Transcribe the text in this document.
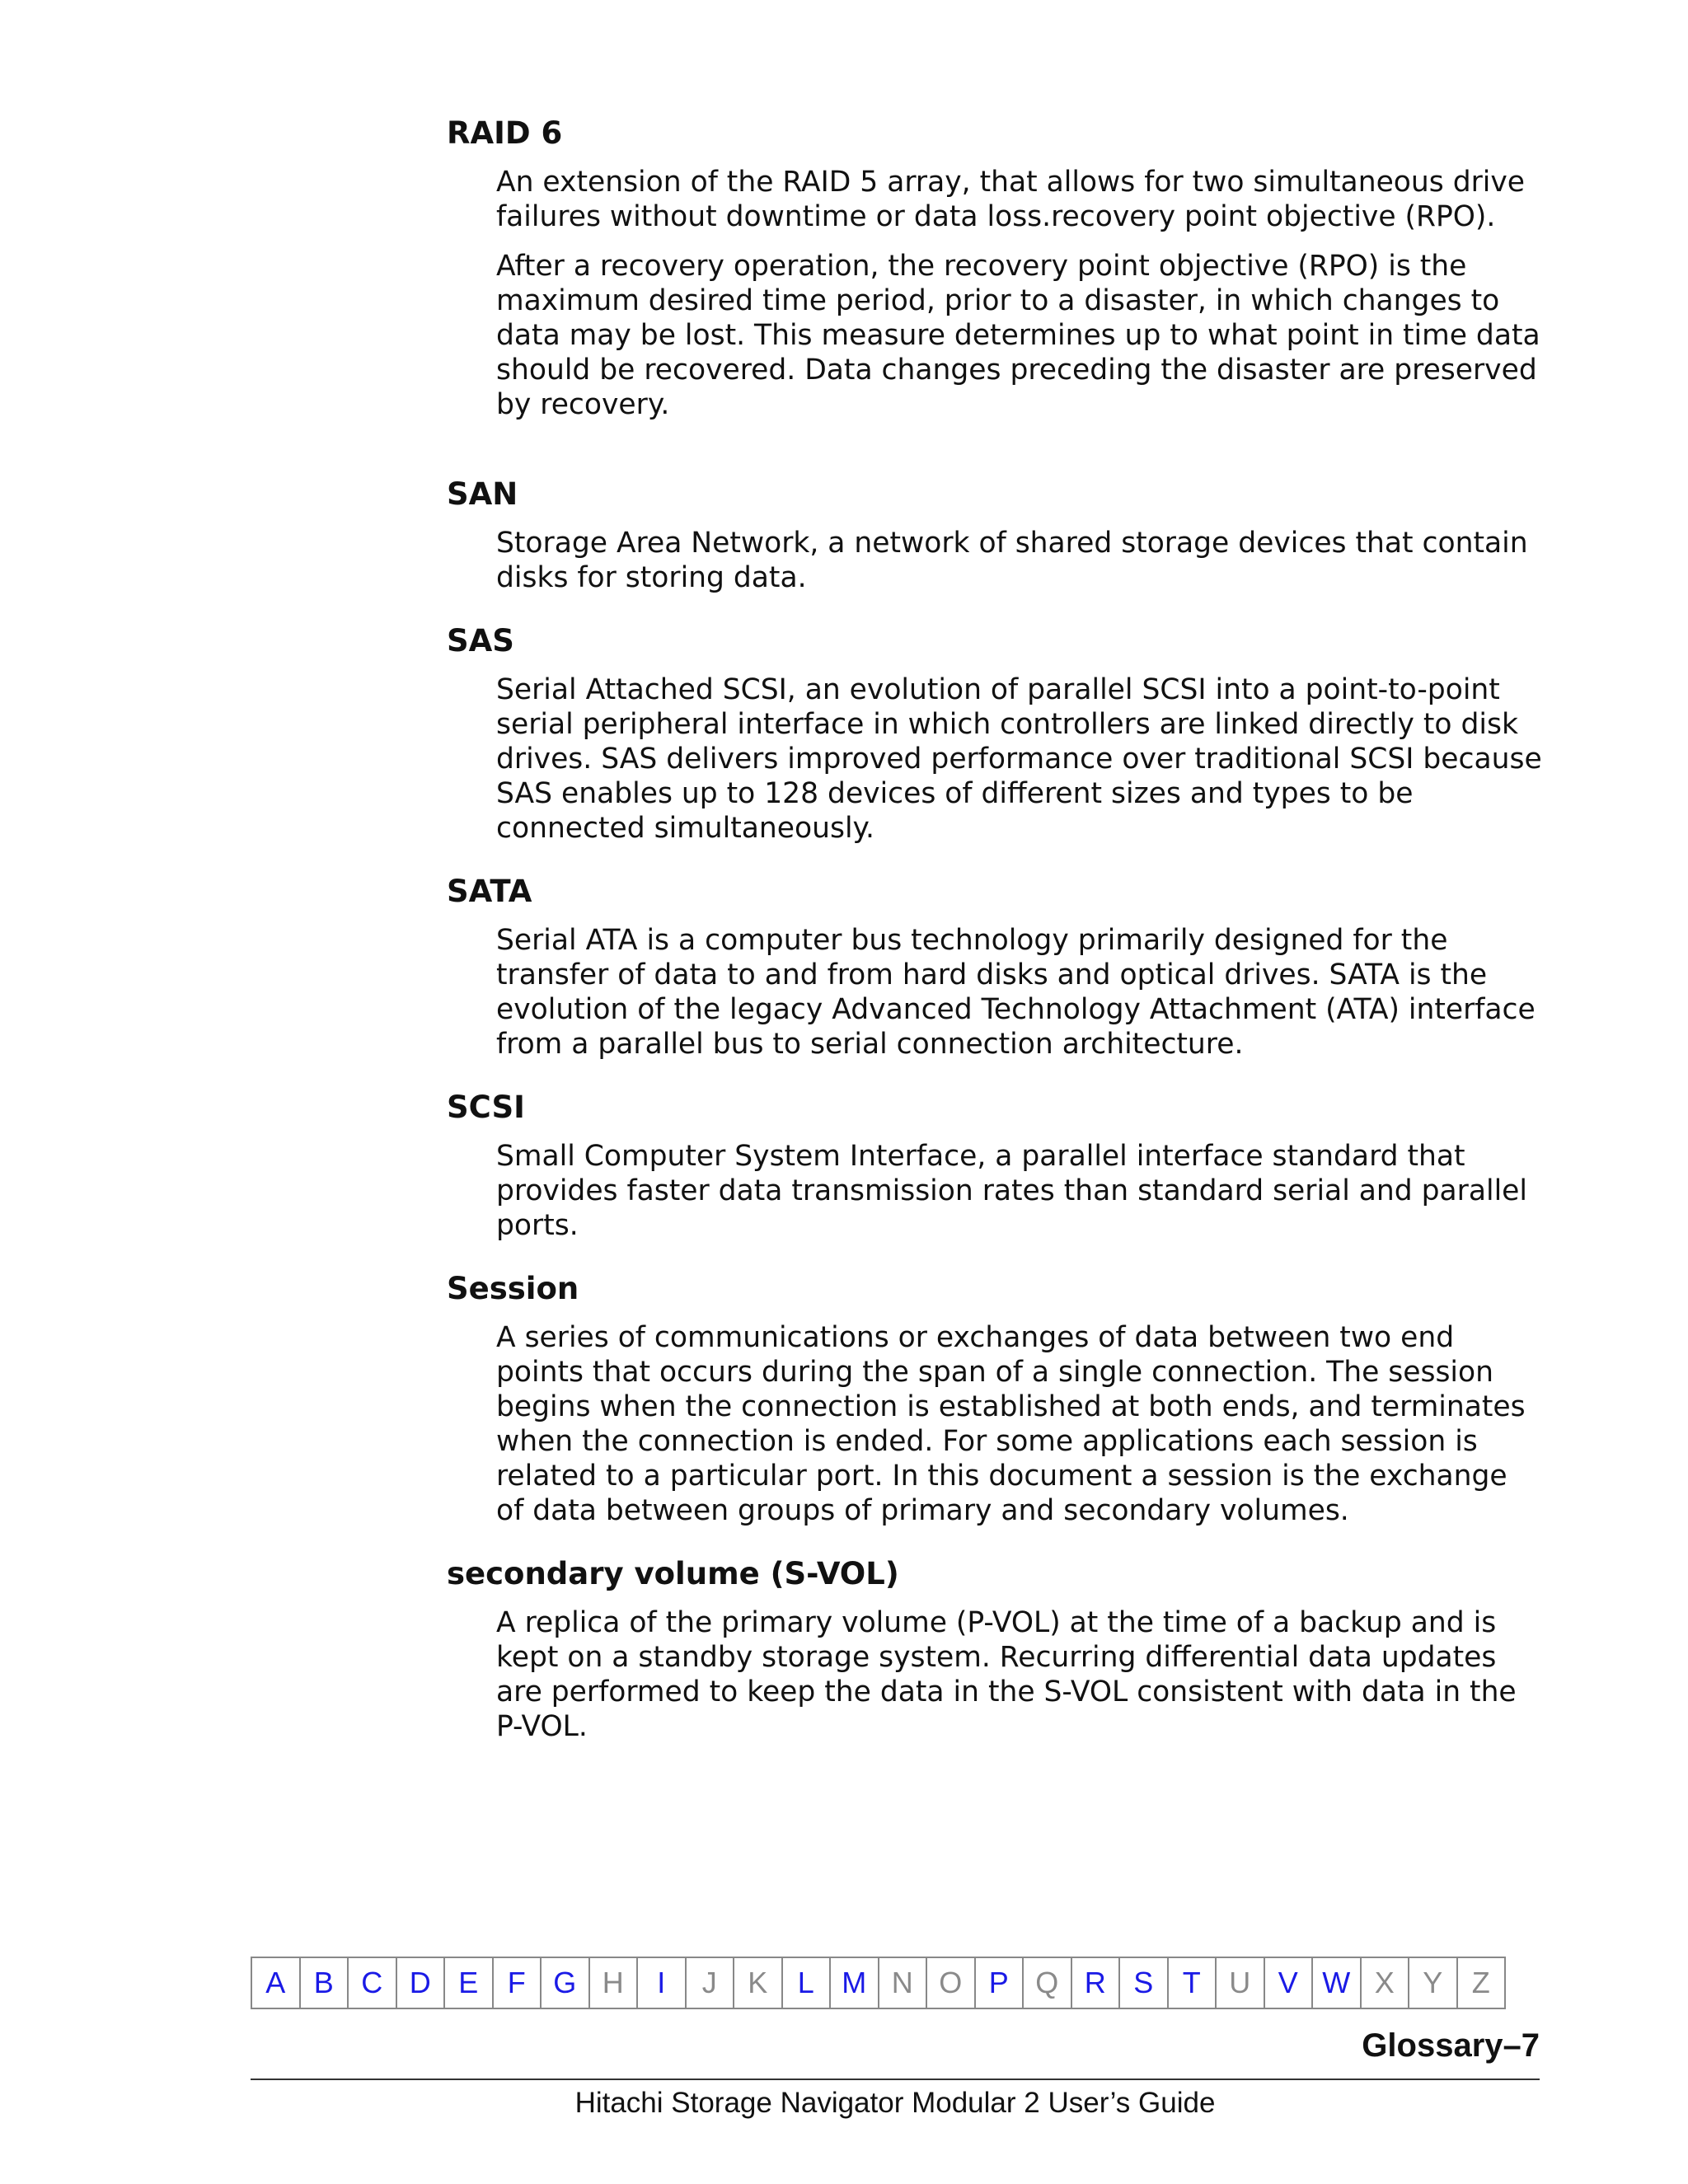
RAID 6

An extension of the RAID 5 array, that allows for two simultaneous drive failures without downtime or data loss.recovery point objective (RPO).

After a recovery operation, the recovery point objective (RPO) is the maximum desired time period, prior to a disaster, in which changes to data may be lost. This measure determines up to what point in time data should be recovered. Data changes preceding the disaster are preserved by recovery.

SAN

Storage Area Network, a network of shared storage devices that contain disks for storing data.

SAS

Serial Attached SCSI, an evolution of parallel SCSI into a point-to-point serial peripheral interface in which controllers are linked directly to disk drives. SAS delivers improved performance over traditional SCSI because SAS enables up to 128 devices of different sizes and types to be connected simultaneously.

SATA

Serial ATA is a computer bus technology primarily designed for the transfer of data to and from hard disks and optical drives. SATA is the evolution of the legacy Advanced Technology Attachment (ATA) interface from a parallel bus to serial connection architecture.

SCSI

Small Computer System Interface, a parallel interface standard that provides faster data transmission rates than standard serial and parallel ports.

Session

A series of communications or exchanges of data between two end points that occurs during the span of a single connection. The session begins when the connection is established at both ends, and terminates when the connection is ended. For some applications each session is related to a particular port. In this document a session is the exchange of data between groups of primary and secondary volumes.

secondary volume (S-VOL)

A replica of the primary volume (P-VOL) at the time of a backup and is kept on a standby storage system. Recurring differential data updates are performed to keep the data in the S-VOL consistent with data in the P-VOL.

A B C D E F G H	I	J	K	L M N O P Q R S T U V W X Y Z
Glossary–7
Hitachi Storage Navigator Modular 2 User’s Guide
